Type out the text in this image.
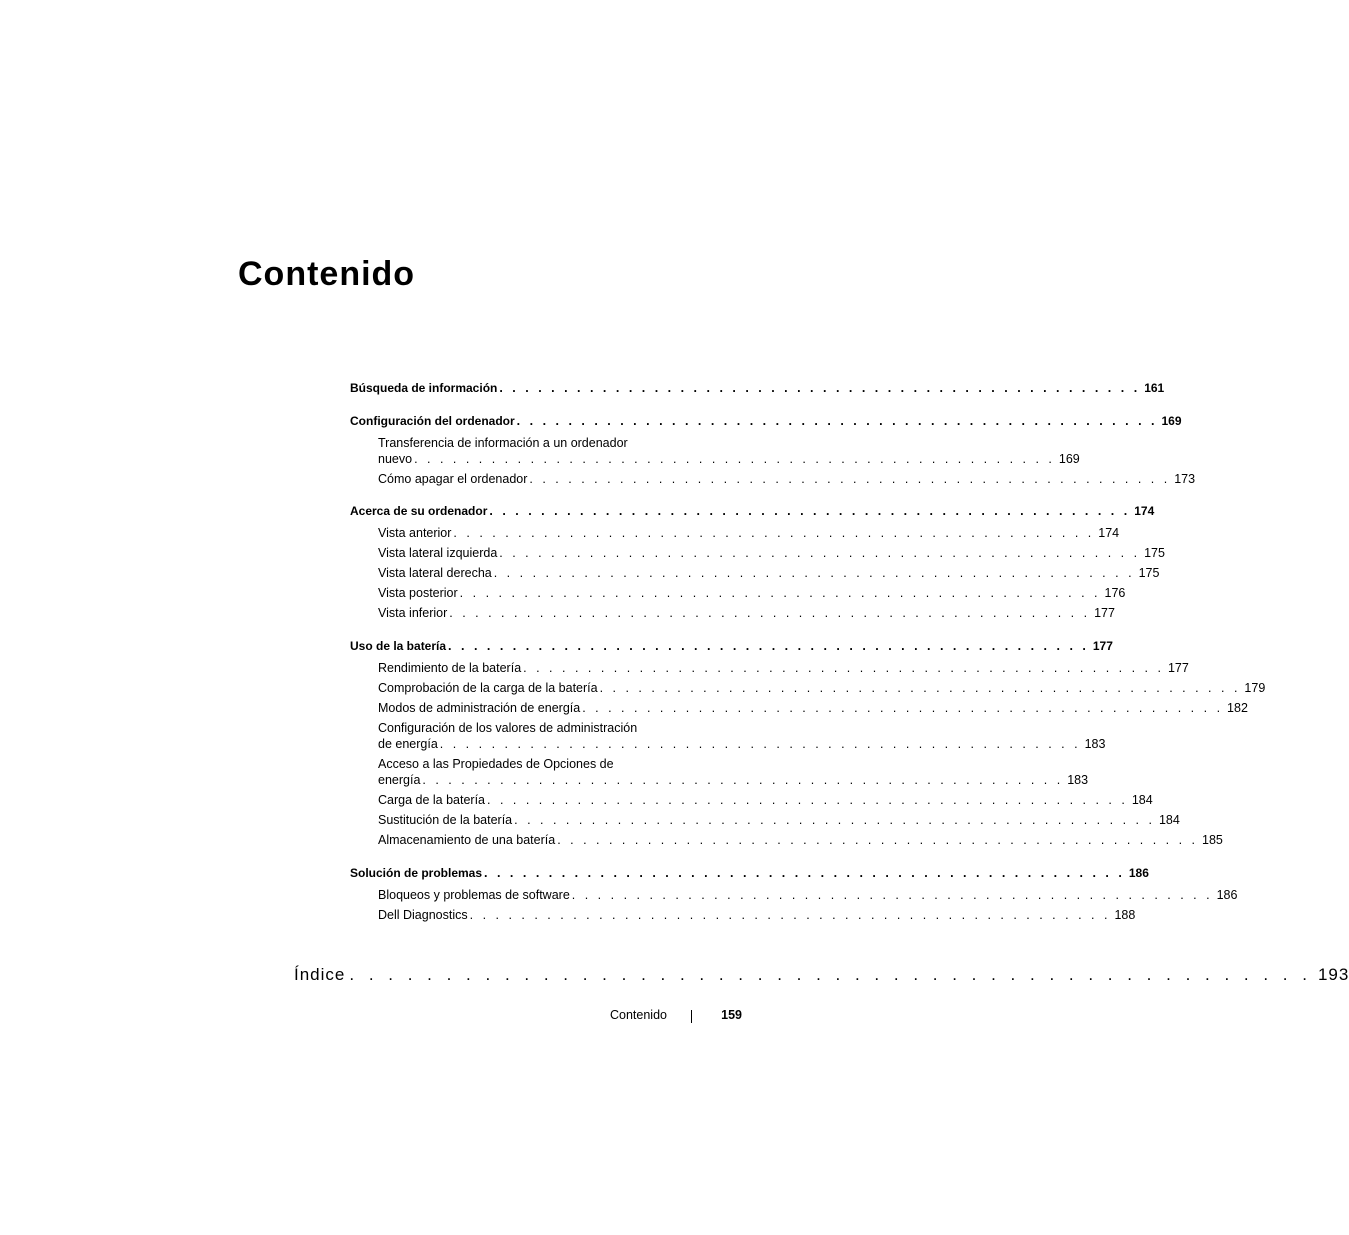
Contenido
Búsqueda de información . . . . . . . . . . . . . . . . . . . . . . . . . . . . . . . . . . . . . . . . . . . . . . . . . . 161
Configuración del ordenador . . . . . . . . . . . . . . . . . . . . . . . . . . . . . . . . . . . . . . . . . . . . . . . . . . 169
Transferencia de información a un ordenador
nuevo . . . . . . . . . . . . . . . . . . . . . . . . . . . . . . . . . . . . . . . . . . . . . . . . . . 169
Cómo apagar el ordenador . . . . . . . . . . . . . . . . . . . . . . . . . . . . . . . . . . . . . . . . . . . . . . . . . . 173
Acerca de su ordenador . . . . . . . . . . . . . . . . . . . . . . . . . . . . . . . . . . . . . . . . . . . . . . . . . . 174
Vista anterior . . . . . . . . . . . . . . . . . . . . . . . . . . . . . . . . . . . . . . . . . . . . . . . . . . 174
Vista lateral izquierda . . . . . . . . . . . . . . . . . . . . . . . . . . . . . . . . . . . . . . . . . . . . . . . . . . 175
Vista lateral derecha . . . . . . . . . . . . . . . . . . . . . . . . . . . . . . . . . . . . . . . . . . . . . . . . . . 175
Vista posterior . . . . . . . . . . . . . . . . . . . . . . . . . . . . . . . . . . . . . . . . . . . . . . . . . . 176
Vista inferior . . . . . . . . . . . . . . . . . . . . . . . . . . . . . . . . . . . . . . . . . . . . . . . . . . 177
Uso de la batería . . . . . . . . . . . . . . . . . . . . . . . . . . . . . . . . . . . . . . . . . . . . . . . . . . 177
Rendimiento de la batería . . . . . . . . . . . . . . . . . . . . . . . . . . . . . . . . . . . . . . . . . . . . . . . . . . 177
Comprobación de la carga de la batería . . . . . . . . . . . . . . . . . . . . . . . . . . . . . . . . . . . . . . . . . . . . . . . . . . 179
Modos de administración de energía . . . . . . . . . . . . . . . . . . . . . . . . . . . . . . . . . . . . . . . . . . . . . . . . . . 182
Configuración de los valores de administración
de energía . . . . . . . . . . . . . . . . . . . . . . . . . . . . . . . . . . . . . . . . . . . . . . . . . . 183
Acceso a las Propiedades de Opciones de
energía . . . . . . . . . . . . . . . . . . . . . . . . . . . . . . . . . . . . . . . . . . . . . . . . . . 183
Carga de la batería . . . . . . . . . . . . . . . . . . . . . . . . . . . . . . . . . . . . . . . . . . . . . . . . . . 184
Sustitución de la batería . . . . . . . . . . . . . . . . . . . . . . . . . . . . . . . . . . . . . . . . . . . . . . . . . . 184
Almacenamiento de una batería . . . . . . . . . . . . . . . . . . . . . . . . . . . . . . . . . . . . . . . . . . . . . . . . . . 185
Solución de problemas . . . . . . . . . . . . . . . . . . . . . . . . . . . . . . . . . . . . . . . . . . . . . . . . . . 186
Bloqueos y problemas de software . . . . . . . . . . . . . . . . . . . . . . . . . . . . . . . . . . . . . . . . . . . . . . . . . . 186
Dell Diagnostics . . . . . . . . . . . . . . . . . . . . . . . . . . . . . . . . . . . . . . . . . . . . . . . . . . 188
Índice . . . . . . . . . . . . . . . . . . . . . . . . . . . . . . . . . . . . . . . . . . . . . . . . . . 193
Contenido	159
